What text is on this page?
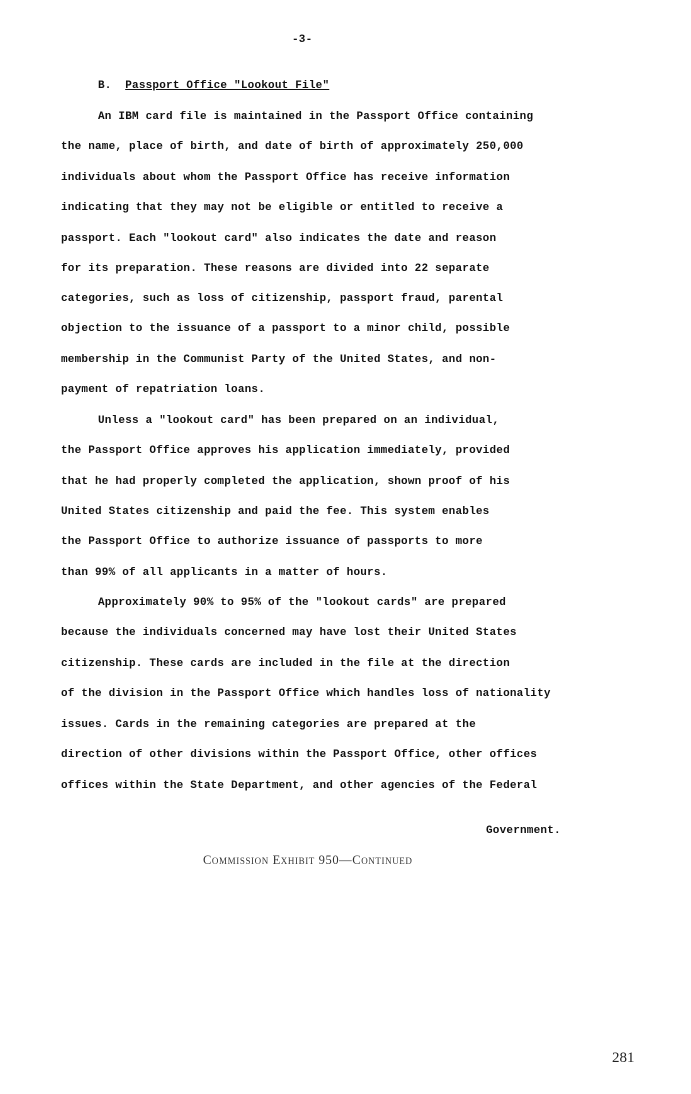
-3-
B. Passport Office "Lookout File"
An IBM card file is maintained in the Passport Office containing
the name, place of birth, and date of birth of approximately 250,000
individuals about whom the Passport Office has receive information
indicating that they may not be eligible or entitled to receive a
passport. Each "lookout card" also indicates the date and reason
for its preparation. These reasons are divided into 22 separate
categories, such as loss of citizenship, passport fraud, parental
objection to the issuance of a passport to a minor child, possible
membership in the Communist Party of the United States, and non-
payment of repatriation loans.
Unless a "lookout card" has been prepared on an individual,
the Passport Office approves his application immediately, provided
that he had properly completed the application, shown proof of his
United States citizenship and paid the fee. This system enables
the Passport Office to authorize issuance of passports to more
than 99% of all applicants in a matter of hours.
Approximately 90% to 95% of the "lookout cards" are prepared
because the individuals concerned may have lost their United States
citizenship. These cards are included in the file at the direction
of the division in the Passport Office which handles loss of nationality
issues. Cards in the remaining categories are prepared at the
direction of other divisions within the Passport Office, other offices
offices within the State Department, and other agencies of the Federal
Government.
Commission Exhibit 950—Continued
281
